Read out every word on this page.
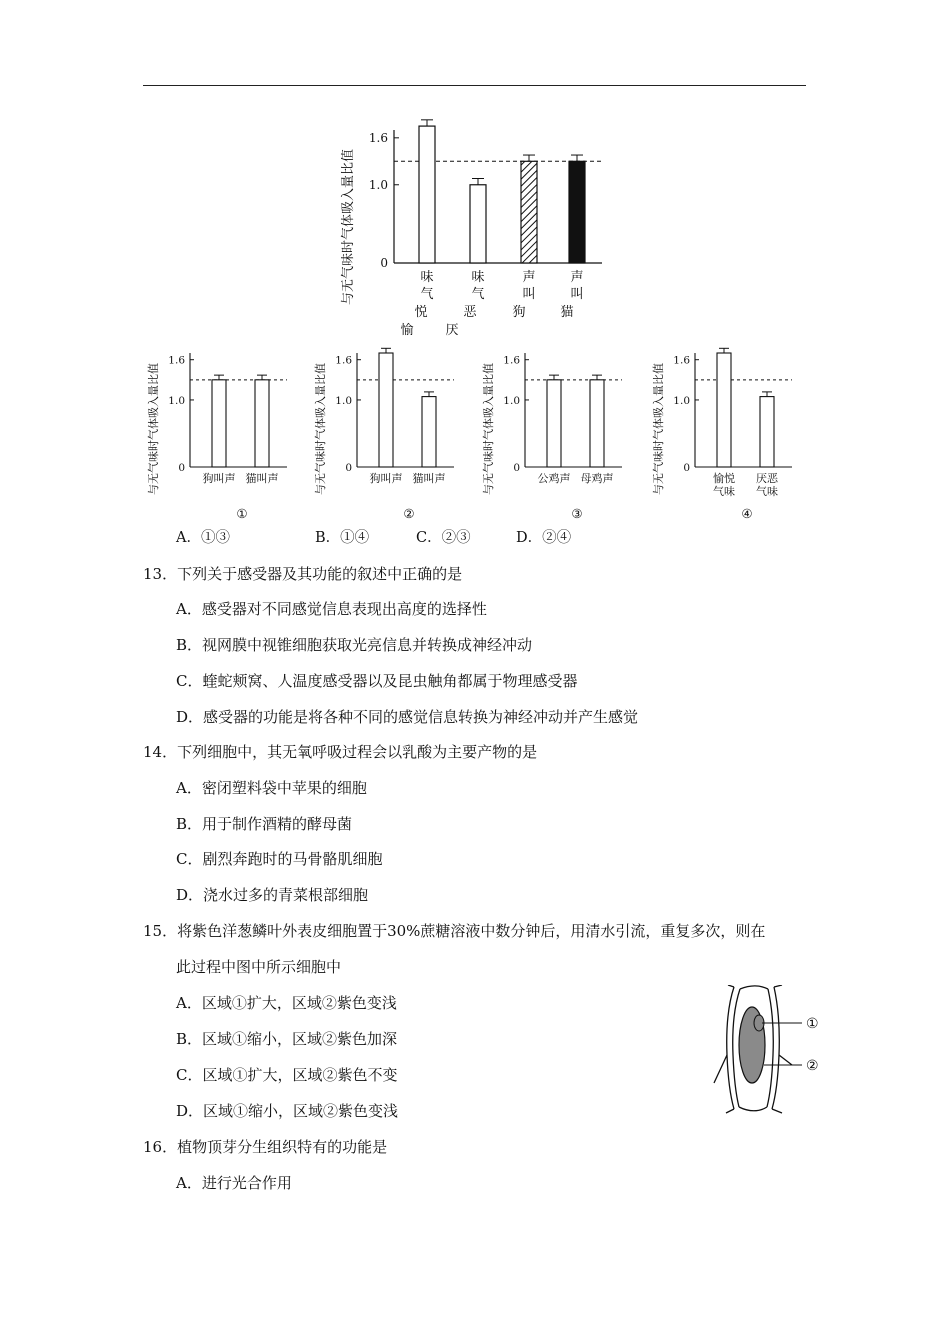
与无气味时气体吸入量比值 0
1.0
1.6
味
气
悦
愉
味
气
恶
厌
声
叫
狗
声
叫
猫
与无气味时气体吸入量比值 0
1.0
1.6
狗叫声 猫叫声
①
与无气味时气体吸入量比值 0
1.0
1.6
狗叫声 猫叫声
②
与无气味时气体吸入量比值 0
1.0
1.6
公鸡声 母鸡声
③
与无气味时气体吸入量比值 0
1.0
1.6
愉悦
气味
厌恶
气味
④
A．①③	B．①④	C．②③	D．②④
13．下列关于感受器及其功能的叙述中正确的是
A．感受器对不同感觉信息表现出高度的选择性
B．视网膜中视锥细胞获取光亮信息并转换成神经冲动
C．蝰蛇颊窝、人温度感受器以及昆虫触角都属于物理感受器
D．感受器的功能是将各种不同的感觉信息转换为神经冲动并产生感觉
14．下列细胞中，其无氧呼吸过程会以乳酸为主要产物的是
A．密闭塑料袋中苹果的细胞
B．用于制作酒精的酵母菌
C．剧烈奔跑时的马骨骼肌细胞
D．浇水过多的青菜根部细胞
15．将紫色洋葱鳞叶外表皮细胞置于30%蔗糖溶液中数分钟后，用清水引流，重复多次，则在
此过程中图中所示细胞中
A．区域①扩大，区域②紫色变浅
B．区域①缩小，区域②紫色加深
C．区域①扩大，区域②紫色不变
D．区域①缩小，区域②紫色变浅
16．植物顶芽分生组织特有的功能是
A．进行光合作用
①
②
